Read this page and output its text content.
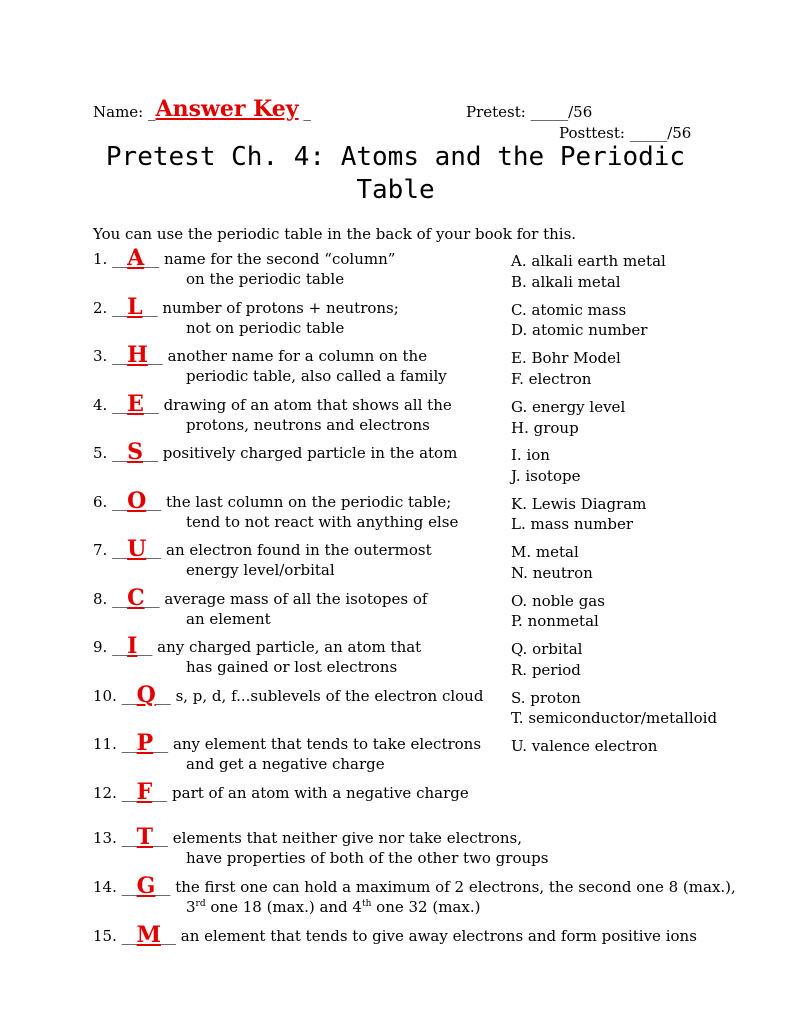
Name: _Answer Key _	Pretest: _____/56
Posttest: _____/56
Pretest Ch. 4: Atoms and the Periodic
Table
You can use the periodic table in the back of your book for this.
1. __A__ name for the second “column”
on the periodic table
2. __L__ number of protons + neutrons;
not on periodic table
3. __H__ another name for a column on the
periodic table, also called a family
4. __E__ drawing of an atom that shows all the
protons, neutrons and electrons
5. __S__ positively charged particle in the atom
6. __O__ the last column on the periodic table;
tend to not react with anything else
7. __U__ an electron found in the outermost
energy level/orbital
8. __C__ average mass of all the isotopes of
an element
9. __I__ any charged particle, an atom that
has gained or lost electrons
10. __Q__ s, p, d, f...sublevels of the electron cloud
11. __P__ any element that tends to take electrons
and get a negative charge
12. __F__ part of an atom with a negative charge
13. __T__ elements that neither give nor take electrons,
have properties of both of the other two groups
14. __G__ the first one can hold a maximum of 2 electrons, the second one 8 (max.),
3rd one 18 (max.) and 4th one 32 (max.)
15. __M__ an element that tends to give away electrons and form positive ions
A. alkali earth metal
B. alkali metal
C. atomic mass
D. atomic number
E. Bohr Model
F. electron
G. energy level
H. group
I. ion
J. isotope
K. Lewis Diagram
L. mass number
M. metal
N. neutron
O. noble gas
P. nonmetal
Q. orbital
R. period
S. proton
T. semiconductor/metalloid
U. valence electron
